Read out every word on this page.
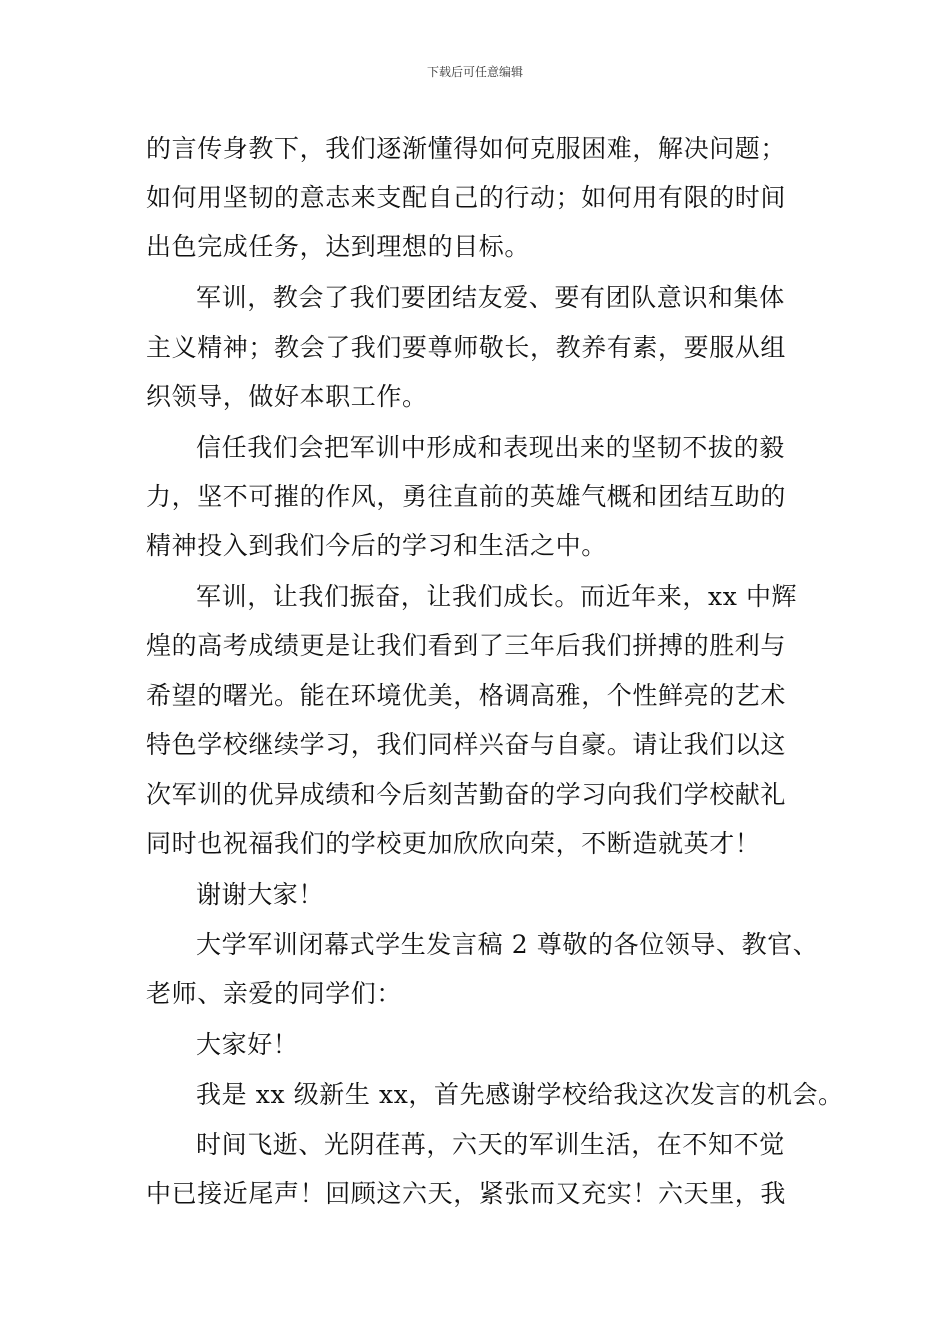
下载后可任意编辑
的言传身教下，我们逐渐懂得如何克服困难，解决问题；
如何用坚韧的意志来支配自己的行动；如何用有限的时间
出色完成任务，达到理想的目标。
军训，教会了我们要团结友爱、要有团队意识和集体
主义精神；教会了我们要尊师敬长，教养有素，要服从组
织领导，做好本职工作。
信任我们会把军训中形成和表现出来的坚韧不拔的毅
力，坚不可摧的作风，勇往直前的英雄气概和团结互助的
精神投入到我们今后的学习和生活之中。
军训，让我们振奋，让我们成长。而近年来，xx 中辉
煌的高考成绩更是让我们看到了三年后我们拼搏的胜利与
希望的曙光。能在环境优美，格调高雅，个性鲜亮的艺术
特色学校继续学习，我们同样兴奋与自豪。请让我们以这
次军训的优异成绩和今后刻苦勤奋的学习向我们学校献礼
同时也祝福我们的学校更加欣欣向荣，不断造就英才！
谢谢大家！
大学军训闭幕式学生发言稿 2 尊敬的各位领导、教官、
老师、亲爱的同学们：
大家好！
我是 xx 级新生 xx，首先感谢学校给我这次发言的机会。
时间飞逝、光阴荏苒，六天的军训生活，在不知不觉
中已接近尾声！回顾这六天，紧张而又充实！六天里，我
